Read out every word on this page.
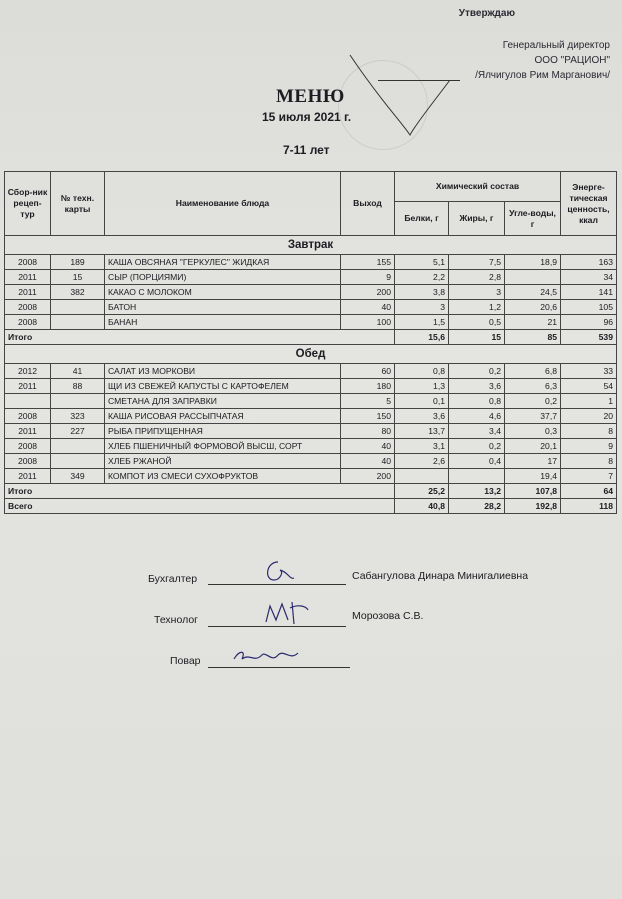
Утверждаю
Генеральный директор
ООО "РАЦИОН"
/Ялчигулов Рим Марганович/
МЕНЮ
15 июля 2021 г.
7-11 лет
Сбор-ник рецеп-тур	№ техн. карты	Наименование блюда	Выход	Химический состав			Энерге-тическая ценность, ккал
				Белки, г	Жиры, г	Угле-воды, г	
Завтрак							
2008	189	КАША ОВСЯНАЯ "ГЕРКУЛЕС" ЖИДКАЯ	155	5,1	7,5	18,9	163
2011	15	СЫР (ПОРЦИЯМИ)	9	2,2	2,8		34
2011	382	КАКАО С МОЛОКОМ	200	3,8	3	24,5	141
2008		БАТОН	40	3	1,2	20,6	105
2008		БАНАН	100	1,5	0,5	21	96
Итого				15,6	15	85	539
Обед							
2012	41	САЛАТ ИЗ МОРКОВИ	60	0,8	0,2	6,8	33
2011	88	ЩИ ИЗ СВЕЖЕЙ КАПУСТЫ С КАРТОФЕЛЕМ	180	1,3	3,6	6,3	54
		СМЕТАНА ДЛЯ ЗАПРАВКИ	5	0,1	0,8	0,2	1
2008	323	КАША РИСОВАЯ РАССЫПЧАТАЯ	150	3,6	4,6	37,7	20
2011	227	РЫБА ПРИПУЩЕННАЯ	80	13,7	3,4	0,3	8
2008		ХЛЕБ ПШЕНИЧНЫЙ ФОРМОВОЙ ВЫСШ, СОРТ	40	3,1	0,2	20,1	9
2008		ХЛЕБ РЖАНОЙ	40	2,6	0,4	17	8
2011	349	КОМПОТ ИЗ СМЕСИ СУХОФРУКТОВ	200			19,4	7
Итого				25,2	13,2	107,8	64
Всего				40,8	28,2	192,8	118
Бухгалтер	Сабангулова Динара Минигалиевна
Технолог	Морозова С.В.
Повар
